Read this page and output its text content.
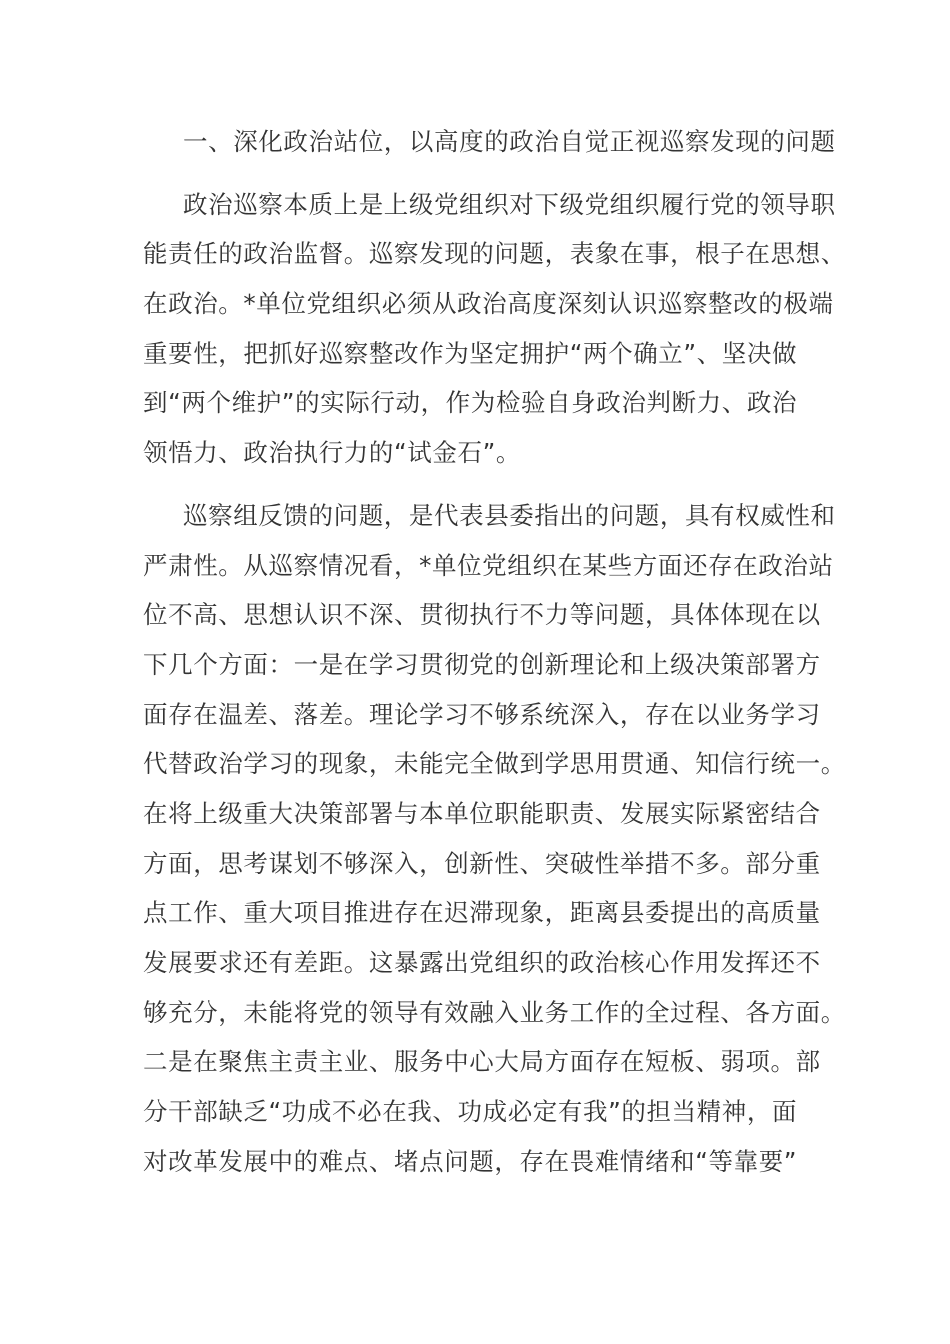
一、深化政治站位，以高度的政治自觉正视巡察发现的问题
政治巡察本质上是上级党组织对下级党组织履行党的领导职
能责任的政治监督。巡察发现的问题，表象在事，根子在思想、
在政治。*单位党组织必须从政治高度深刻认识巡察整改的极端
重要性，把抓好巡察整改作为坚定拥护“两个确立”、坚决做
到“两个维护”的实际行动，作为检验自身政治判断力、政治
领悟力、政治执行力的“试金石”。
巡察组反馈的问题，是代表县委指出的问题，具有权威性和
严肃性。从巡察情况看，*单位党组织在某些方面还存在政治站
位不高、思想认识不深、贯彻执行不力等问题，具体体现在以
下几个方面：一是在学习贯彻党的创新理论和上级决策部署方
面存在温差、落差。理论学习不够系统深入，存在以业务学习
代替政治学习的现象，未能完全做到学思用贯通、知信行统一。
在将上级重大决策部署与本单位职能职责、发展实际紧密结合
方面，思考谋划不够深入，创新性、突破性举措不多。部分重
点工作、重大项目推进存在迟滞现象，距离县委提出的高质量
发展要求还有差距。这暴露出党组织的政治核心作用发挥还不
够充分，未能将党的领导有效融入业务工作的全过程、各方面。
二是在聚焦主责主业、服务中心大局方面存在短板、弱项。部
分干部缺乏“功成不必在我、功成必定有我”的担当精神，面
对改革发展中的难点、堵点问题，存在畏难情绪和“等靠要”
